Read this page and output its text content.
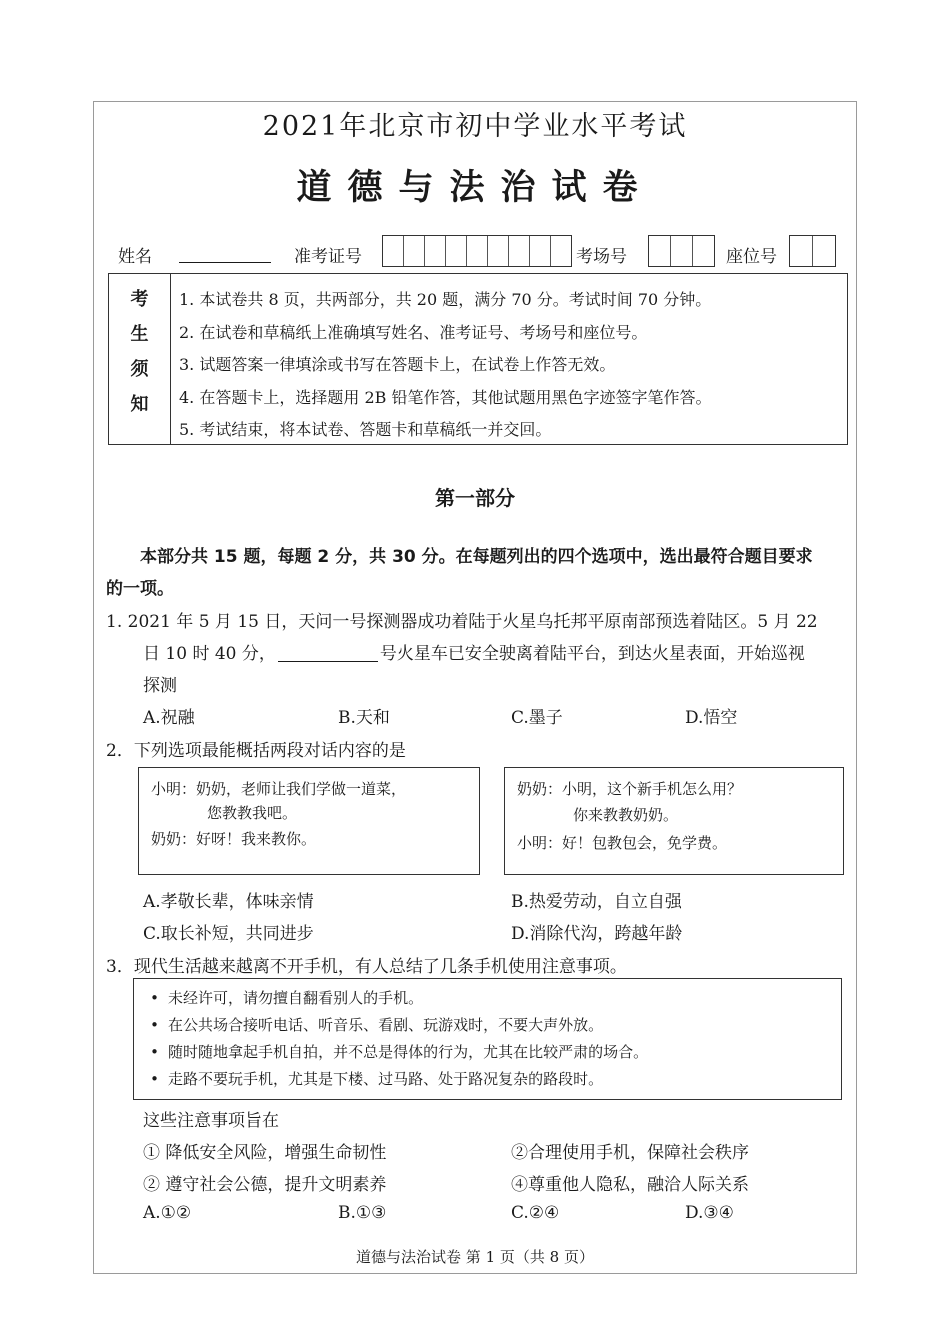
2021年北京市初中学业水平考试
道德与法治试卷
姓名	准考证号	考场号	座位号
考
生
须
知
1. 本试卷共 8 页，共两部分，共 20 题，满分 70 分。考试时间 70 分钟。
2. 在试卷和草稿纸上准确填写姓名、准考证号、考场号和座位号。
3. 试题答案一律填涂或书写在答题卡上，在试卷上作答无效。
4. 在答题卡上，选择题用 2B 铅笔作答，其他试题用黑色字迹签字笔作答。
5. 考试结束，将本试卷、答题卡和草稿纸一并交回。
第一部分
本部分共 15 题，每题 2 分，共 30 分。在每题列出的四个选项中，选出最符合题目要求
的一项。
1. 2021 年 5 月 15 日，天问一号探测器成功着陆于火星乌托邦平原南部预选着陆区。5 月 22
日 10 时 40 分，	号火星车已安全驶离着陆平台，到达火星表面，开始巡视
探测
A.祝融	B.天和	C.墨子	D.悟空
2．下列选项最能概括两段对话内容的是
小明：奶奶，老师让我们学做一道菜，
您教教我吧。
奶奶：好呀！我来教你。
奶奶：小明，这个新手机怎么用？
你来教教奶奶。
小明：好！包教包会，免学费。
A.孝敬长辈，体味亲情	B.热爱劳动，自立自强
C.取长补短，共同进步	D.消除代沟，跨越年龄
3．现代生活越来越离不开手机，有人总结了几条手机使用注意事项。
• 未经许可，请勿擅自翻看别人的手机。
• 在公共场合接听电话、听音乐、看剧、玩游戏时，不要大声外放。
• 随时随地拿起手机自拍，并不总是得体的行为，尤其在比较严肃的场合。
• 走路不要玩手机，尤其是下楼、过马路、处于路况复杂的路段时。
这些注意事项旨在
① 降低安全风险，增强生命韧性	②合理使用手机，保障社会秩序
② 遵守社会公德，提升文明素养	④尊重他人隐私，融洽人际关系
A.①②	B.①③	C.②④	D.③④
道德与法治试卷 第 1 页（共 8 页）
